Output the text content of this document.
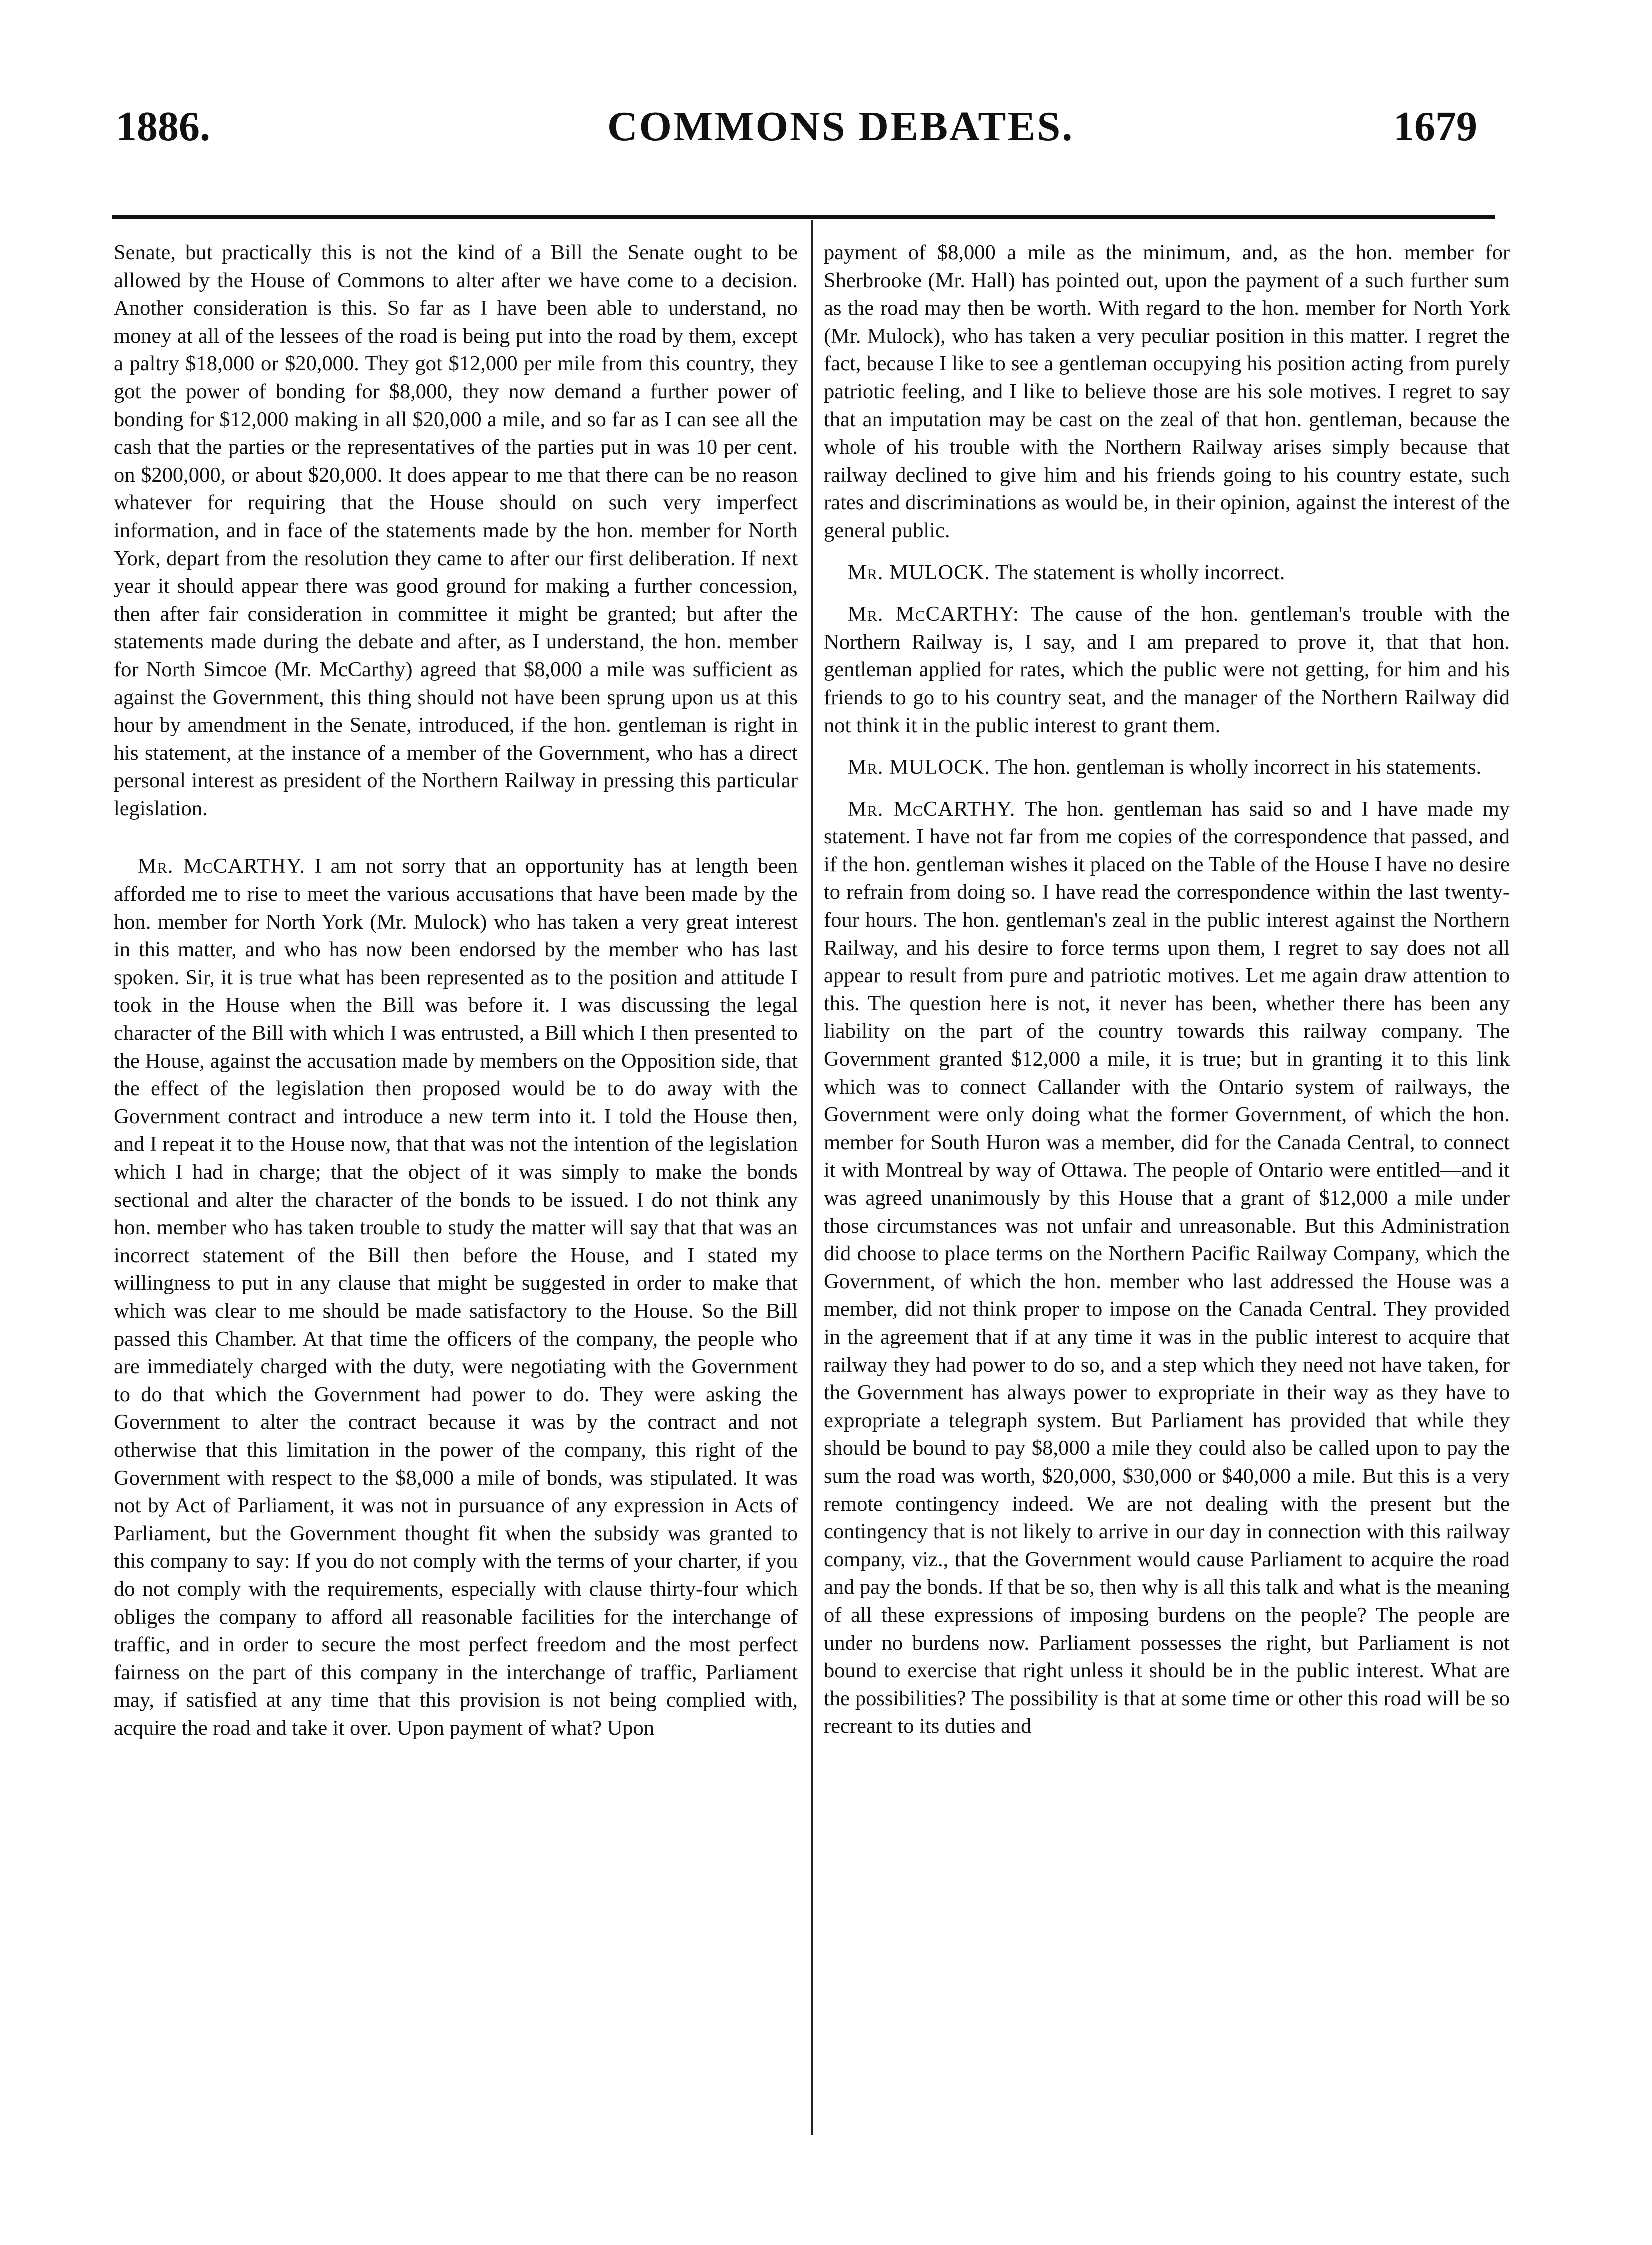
1886.	COMMONS DEBATES.	1679

Senate, but practically this is not the kind of a Bill the Senate ought to be allowed by the House of Commons to alter after we have come to a decision. Another consideration is this. So far as I have been able to understand, no money at all of the lessees of the road is being put into the road by them, except a paltry $18,000 or $20,000. They got $12,000 per mile from this country, they got the power of bonding for $8,000, they now demand a further power of bonding for $12,000 making in all $20,000 a mile, and so far as I can see all the cash that the parties or the representatives of the parties put in was 10 per cent. on $200,000, or about $20,000. It does appear to me that there can be no reason whatever for requiring that the House should on such very imperfect information, and in face of the statements made by the hon. member for North York, depart from the resolution they came to after our first deliberation. If next year it should appear there was good ground for making a further concession, then after fair consideration in committee it might be granted; but after the statements made during the debate and after, as I understand, the hon. member for North Simcoe (Mr. McCarthy) agreed that $8,000 a mile was sufficient as against the Government, this thing should not have been sprung upon us at this hour by amendment in the Senate, introduced, if the hon. gentleman is right in his statement, at the instance of a member of the Government, who has a direct personal interest as president of the Northern Railway in pressing this particular legislation.

Mr. McCARTHY. I am not sorry that an opportunity has at length been afforded me to rise to meet the various accusations that have been made by the hon. member for North York (Mr. Mulock) who has taken a very great interest in this matter, and who has now been endorsed by the member who has last spoken. Sir, it is true what has been represented as to the position and attitude I took in the House when the Bill was before it. I was discussing the legal character of the Bill with which I was entrusted, a Bill which I then presented to the House, against the accusation made by members on the Opposition side, that the effect of the legislation then proposed would be to do away with the Government contract and introduce a new term into it. I told the House then, and I repeat it to the House now, that that was not the intention of the legislation which I had in charge; that the object of it was simply to make the bonds sectional and alter the character of the bonds to be issued. I do not think any hon. member who has taken trouble to study the matter will say that that was an incorrect statement of the Bill then before the House, and I stated my willingness to put in any clause that might be suggested in order to make that which was clear to me should be made satisfactory to the House. So the Bill passed this Chamber. At that time the officers of the company, the people who are immediately charged with the duty, were negotiating with the Government to do that which the Government had power to do. They were asking the Government to alter the contract because it was by the contract and not otherwise that this limitation in the power of the company, this right of the Government with respect to the $8,000 a mile of bonds, was stipulated. It was not by Act of Parliament, it was not in pursuance of any expression in Acts of Parliament, but the Government thought fit when the subsidy was granted to this company to say: If you do not comply with the terms of your charter, if you do not comply with the requirements, especially with clause thirty-four which obliges the company to afford all reasonable facilities for the interchange of traffic, and in order to secure the most perfect freedom and the most perfect fairness on the part of this company in the interchange of traffic, Parliament may, if satisfied at any time that this provision is not being complied with, acquire the road and take it over. Upon payment of what? Upon

payment of $8,000 a mile as the minimum, and, as the hon. member for Sherbrooke (Mr. Hall) has pointed out, upon the payment of a such further sum as the road may then be worth. With regard to the hon. member for North York (Mr. Mulock), who has taken a very peculiar position in this matter. I regret the fact, because I like to see a gentleman occupying his position acting from purely patriotic feeling, and I like to believe those are his sole motives. I regret to say that an imputation may be cast on the zeal of that hon. gentleman, because the whole of his trouble with the Northern Railway arises simply because that railway declined to give him and his friends going to his country estate, such rates and discriminations as would be, in their opinion, against the interest of the general public.

Mr. MULOCK. The statement is wholly incorrect.

Mr. McCARTHY: The cause of the hon. gentleman's trouble with the Northern Railway is, I say, and I am prepared to prove it, that that hon. gentleman applied for rates, which the public were not getting, for him and his friends to go to his country seat, and the manager of the Northern Railway did not think it in the public interest to grant them.

Mr. MULOCK. The hon. gentleman is wholly incorrect in his statements.

Mr. McCARTHY. The hon. gentleman has said so and I have made my statement. I have not far from me copies of the correspondence that passed, and if the hon. gentleman wishes it placed on the Table of the House I have no desire to refrain from doing so. I have read the correspondence within the last twenty-four hours. The hon. gentleman's zeal in the public interest against the Northern Railway, and his desire to force terms upon them, I regret to say does not all appear to result from pure and patriotic motives. Let me again draw attention to this. The question here is not, it never has been, whether there has been any liability on the part of the country towards this railway company. The Government granted $12,000 a mile, it is true; but in granting it to this link which was to connect Callander with the Ontario system of railways, the Government were only doing what the former Government, of which the hon. member for South Huron was a member, did for the Canada Central, to connect it with Montreal by way of Ottawa. The people of Ontario were entitled—and it was agreed unanimously by this House that a grant of $12,000 a mile under those circumstances was not unfair and unreasonable. But this Administration did choose to place terms on the Northern Pacific Railway Company, which the Government, of which the hon. member who last addressed the House was a member, did not think proper to impose on the Canada Central. They provided in the agreement that if at any time it was in the public interest to acquire that railway they had power to do so, and a step which they need not have taken, for the Government has always power to expropriate in their way as they have to expropriate a telegraph system. But Parliament has provided that while they should be bound to pay $8,000 a mile they could also be called upon to pay the sum the road was worth, $20,000, $30,000 or $40,000 a mile. But this is a very remote contingency indeed. We are not dealing with the present but the contingency that is not likely to arrive in our day in connection with this railway company, viz., that the Government would cause Parliament to acquire the road and pay the bonds. If that be so, then why is all this talk and what is the meaning of all these expressions of imposing burdens on the people? The people are under no burdens now. Parliament possesses the right, but Parliament is not bound to exercise that right unless it should be in the public interest. What are the possibilities? The possibility is that at some time or other this road will be so recreant to its duties and
